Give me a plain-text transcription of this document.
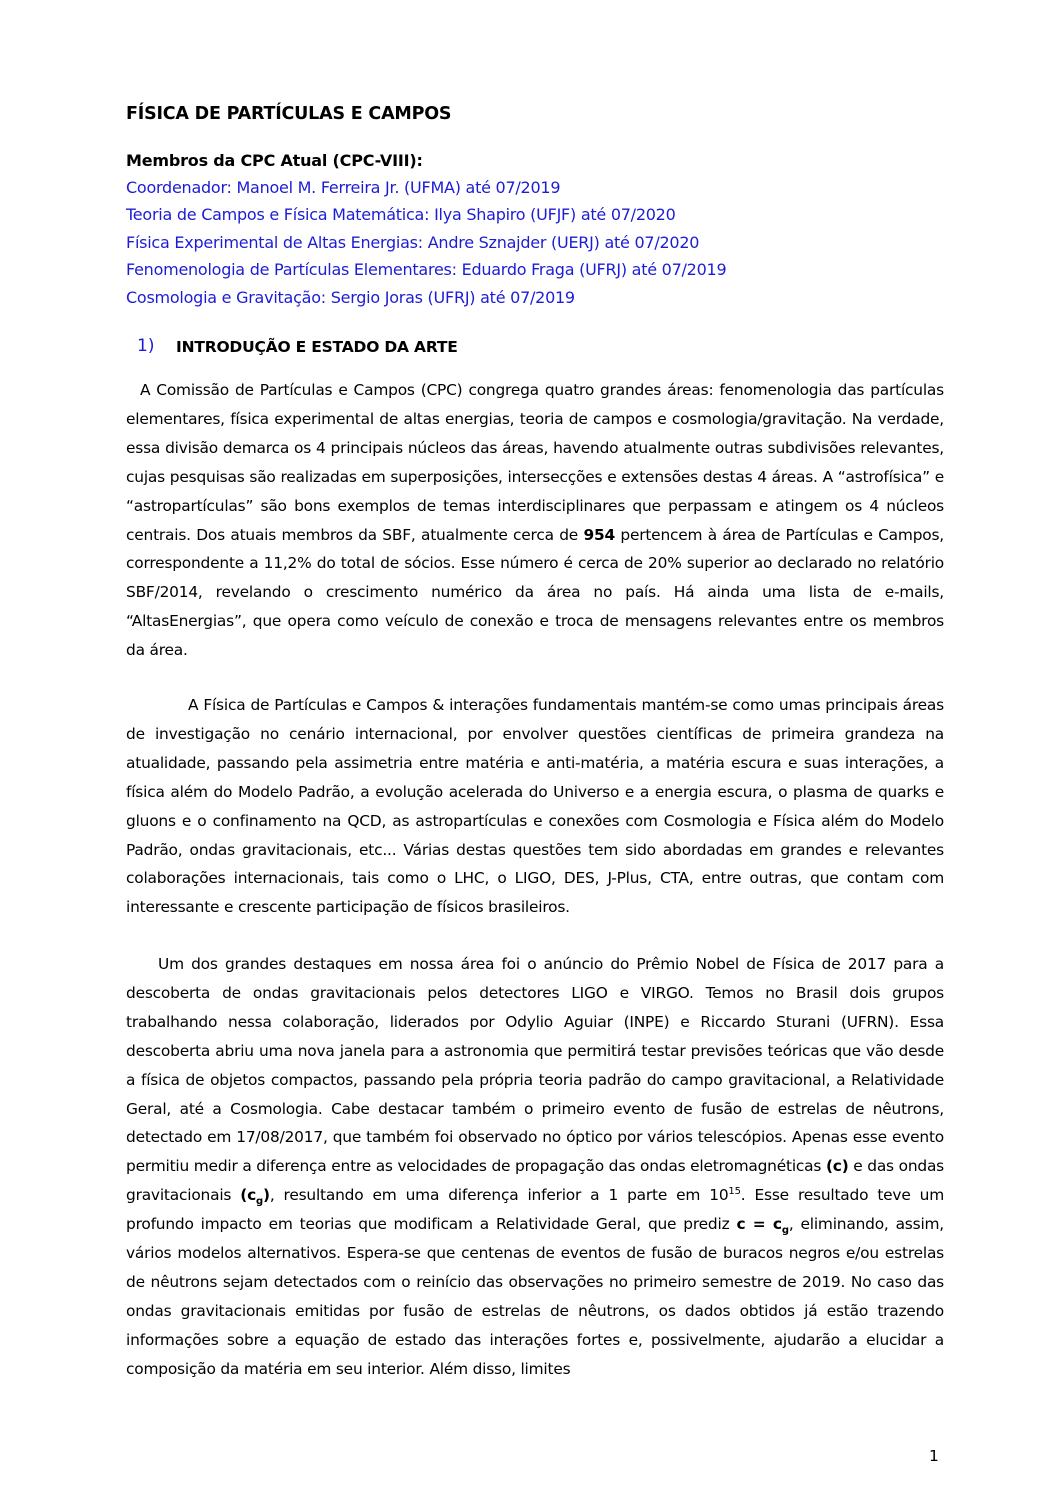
FÍSICA DE PARTÍCULAS E CAMPOS
Membros da CPC Atual (CPC-VIII):
Coordenador: Manoel M. Ferreira Jr. (UFMA) até 07/2019
Teoria de Campos e Física Matemática: Ilya Shapiro (UFJF) até 07/2020
Física Experimental de Altas Energias: Andre Sznajder (UERJ) até 07/2020
Fenomenologia de Partículas Elementares: Eduardo Fraga (UFRJ) até 07/2019
Cosmologia e Gravitação: Sergio Joras (UFRJ) até 07/2019
1) INTRODUÇÃO E ESTADO DA ARTE

A Comissão de Partículas e Campos (CPC) congrega quatro grandes áreas: fenomenologia das partículas elementares, física experimental de altas energias, teoria de campos e cosmologia/gravitação. Na verdade, essa divisão demarca os 4 principais núcleos das áreas, havendo atualmente outras subdivisões relevantes, cujas pesquisas são realizadas em superposições, intersecções e extensões destas 4 áreas. A “astrofísica” e “astropartículas” são bons exemplos de temas interdisciplinares que perpassam e atingem os 4 núcleos centrais. Dos atuais membros da SBF, atualmente cerca de 954 pertencem à área de Partículas e Campos, correspondente a 11,2% do total de sócios. Esse número é cerca de 20% superior ao declarado no relatório SBF/2014, revelando o crescimento numérico da área no país. Há ainda uma lista de e-mails, “AltasEnergias”, que opera como veículo de conexão e troca de mensagens relevantes entre os membros da área.

A Física de Partículas e Campos & interações fundamentais mantém-se como umas principais áreas de investigação no cenário internacional, por envolver questões científicas de primeira grandeza na atualidade, passando pela assimetria entre matéria e anti-matéria, a matéria escura e suas interações, a física além do Modelo Padrão, a evolução acelerada do Universo e a energia escura, o plasma de quarks e gluons e o confinamento na QCD, as astropartículas e conexões com Cosmologia e Física além do Modelo Padrão, ondas gravitacionais, etc... Várias destas questões tem sido abordadas em grandes e relevantes colaborações internacionais, tais como o LHC, o LIGO, DES, J-Plus, CTA, entre outras, que contam com interessante e crescente participação de físicos brasileiros.

Um dos grandes destaques em nossa área foi o anúncio do Prêmio Nobel de Física de 2017 para a descoberta de ondas gravitacionais pelos detectores LIGO e VIRGO. Temos no Brasil dois grupos trabalhando nessa colaboração, liderados por Odylio Aguiar (INPE) e Riccardo Sturani (UFRN). Essa descoberta abriu uma nova janela para a astronomia que permitirá testar previsões teóricas que vão desde a física de objetos compactos, passando pela própria teoria padrão do campo gravitacional, a Relatividade Geral, até a Cosmologia. Cabe destacar também o primeiro evento de fusão de estrelas de nêutrons, detectado em 17/08/2017, que também foi observado no óptico por vários telescópios. Apenas esse evento permitiu medir a diferença entre as velocidades de propagação das ondas eletromagnéticas (c) e das ondas gravitacionais $(c_g)$, resultando em uma diferença inferior a 1 parte em $10^{15}$. Esse resultado teve um profundo impacto em teorias que modificam a Relatividade Geral, que prediz $c = c_g$, eliminando, assim, vários modelos alternativos. Espera-se que centenas de eventos de fusão de buracos negros e/ou estrelas de nêutrons sejam detectados com o reinício das observações no primeiro semestre de 2019. No caso das ondas gravitacionais emitidas por fusão de estrelas de nêutrons, os dados obtidos já estão trazendo informações sobre a equação de estado das interações fortes e, possivelmente, ajudarão a elucidar a composição da matéria em seu interior. Além disso, limites

1
